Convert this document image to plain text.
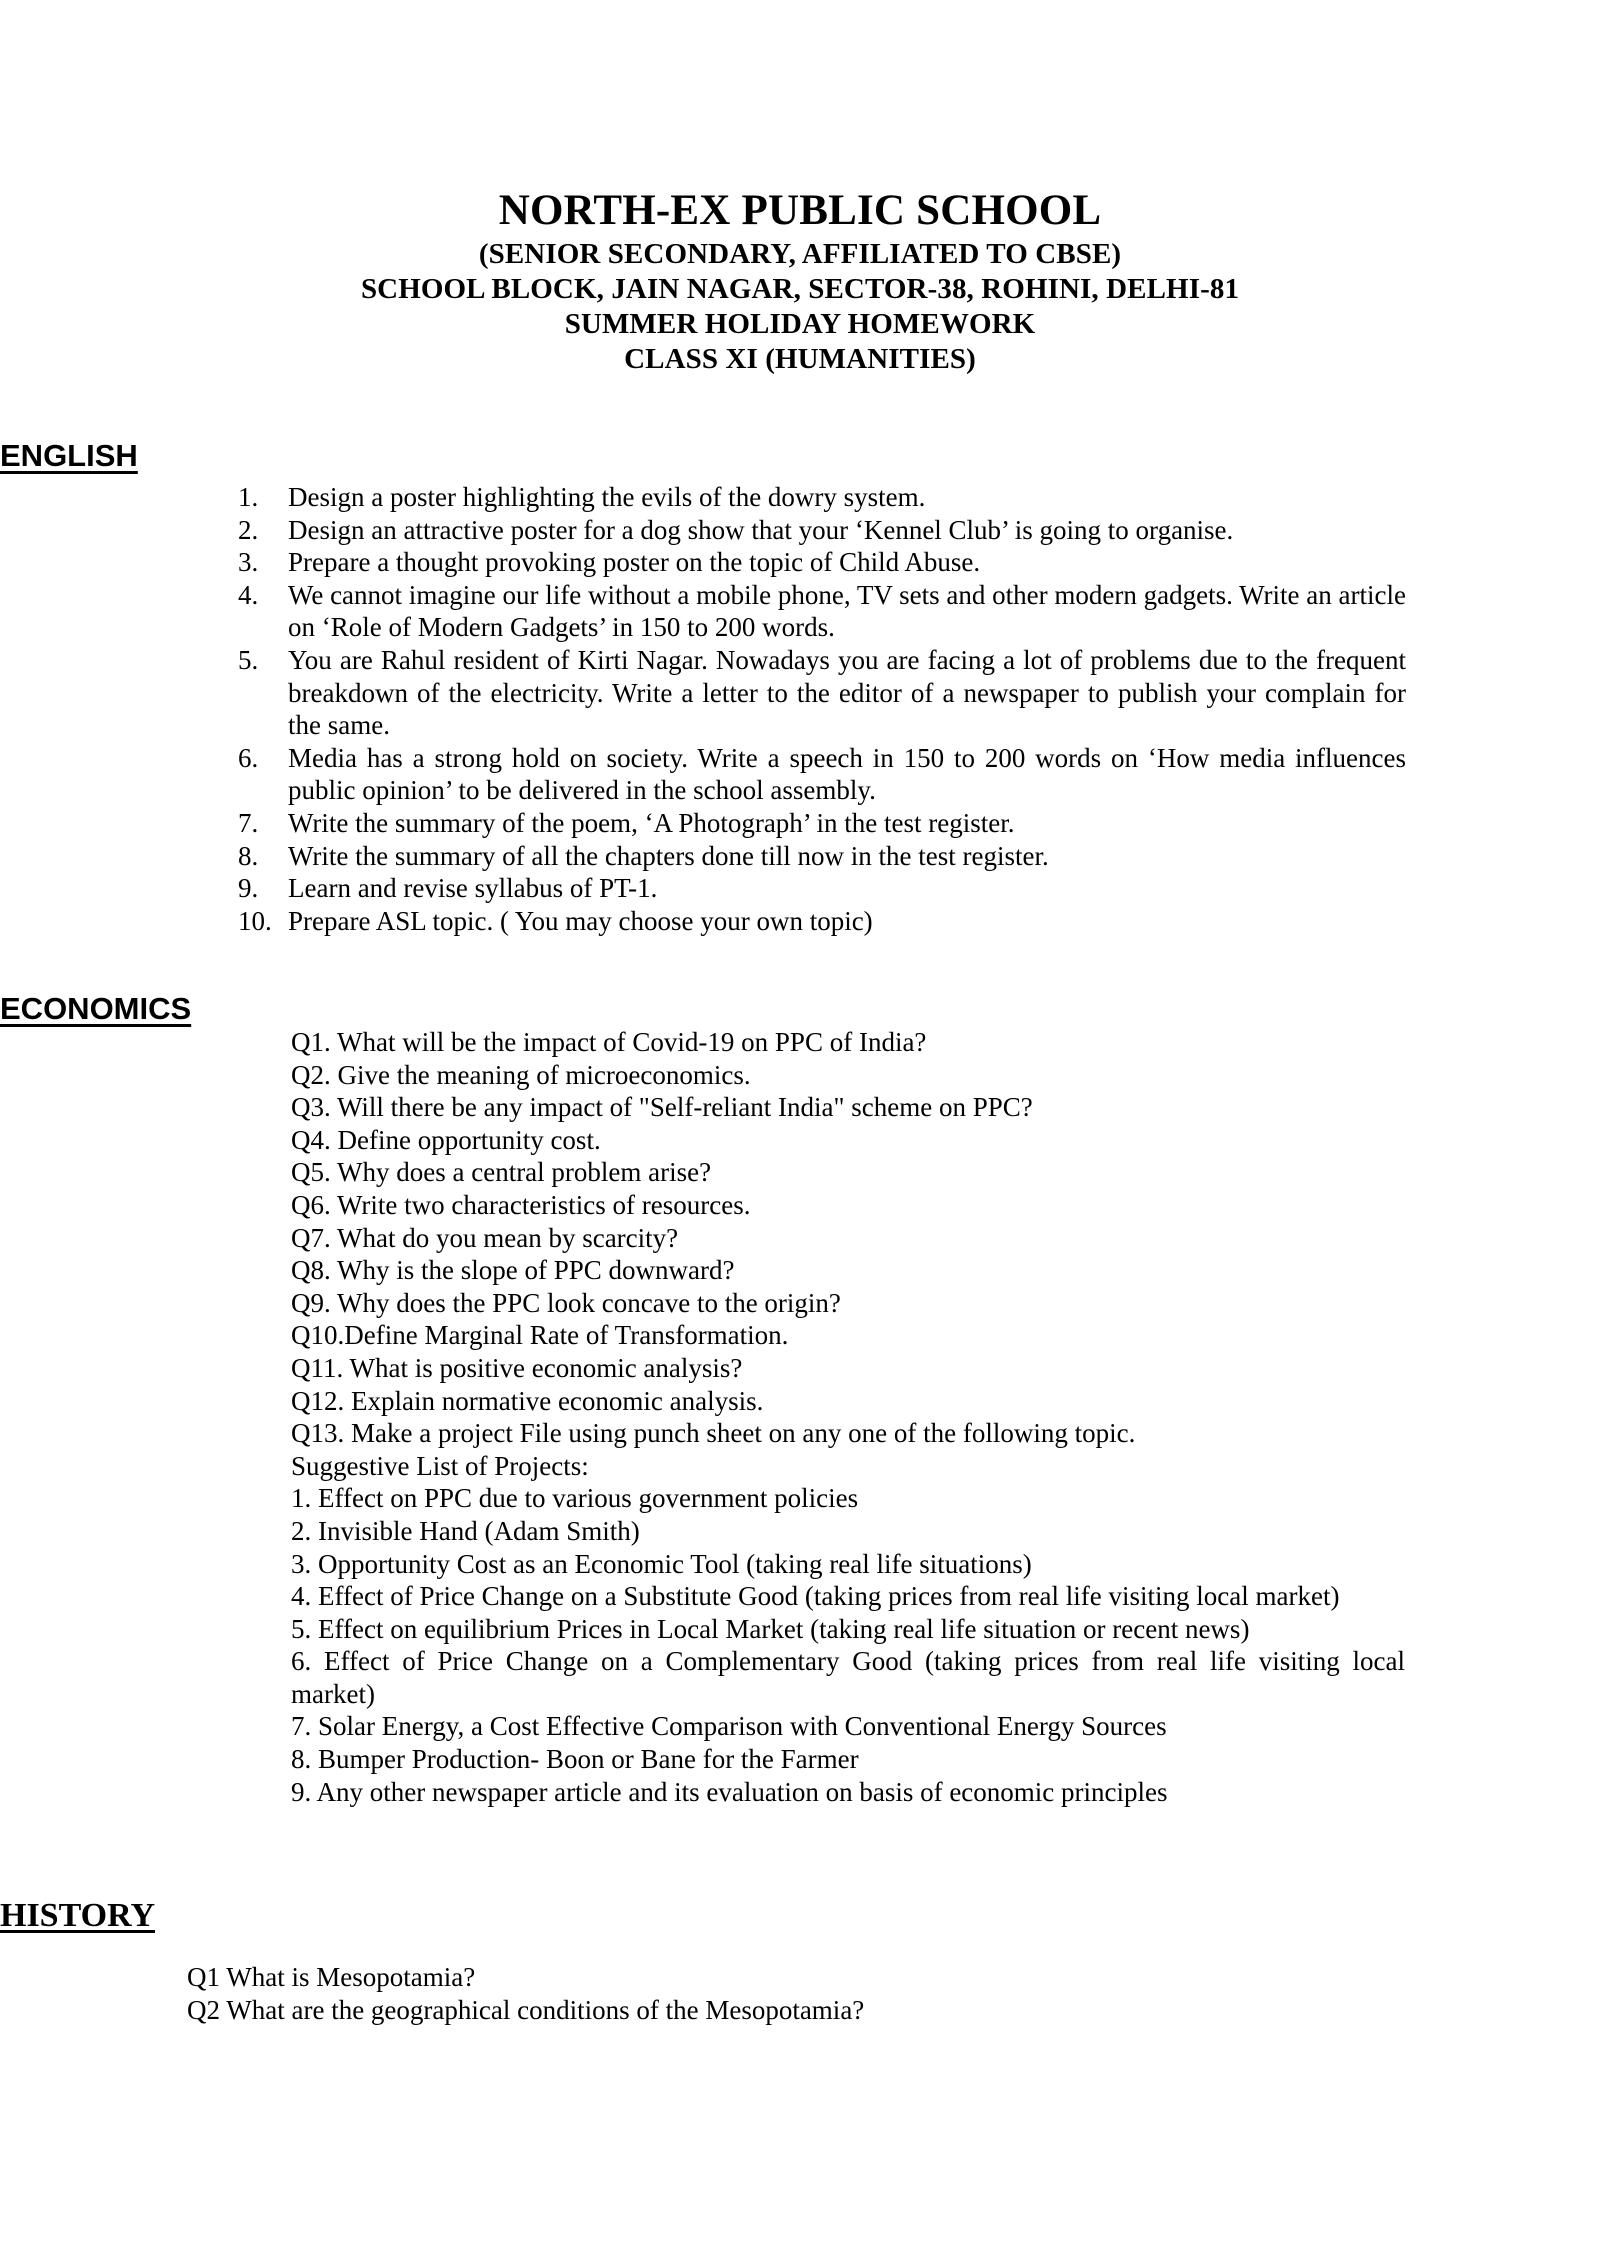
NORTH-EX PUBLIC SCHOOL
(SENIOR SECONDARY, AFFILIATED TO CBSE)
SCHOOL BLOCK, JAIN NAGAR, SECTOR-38, ROHINI, DELHI-81
SUMMER HOLIDAY HOMEWORK
CLASS XI (HUMANITIES)
ENGLISH
1.	Design a poster highlighting the evils of the dowry system.
2.	Design an attractive poster for a dog show that your ‘Kennel Club’ is going to organise.
3.	Prepare a thought provoking poster on the topic of Child Abuse.
4.	We cannot imagine our life without a mobile phone, TV sets and other modern gadgets. Write an article on ‘Role of Modern Gadgets’ in 150 to 200 words.
5.	You are Rahul resident of Kirti Nagar. Nowadays you are facing a lot of problems due to the frequent breakdown of the electricity. Write a letter to the editor of a newspaper to publish your complain for the same.
6.	Media has a strong hold on society. Write a speech in 150 to 200 words on ‘How media influences public opinion’ to be delivered in the school assembly.
7.	Write the summary of the poem, ‘A Photograph’ in the test register.
8.	Write the summary of all the chapters done till now in the test register.
9.	Learn and revise syllabus of PT-1.
10. Prepare ASL topic. ( You may choose your own topic)
ECONOMICS
Q1. What will be the impact of Covid-19 on PPC of India?
Q2. Give the meaning of microeconomics.
Q3. Will there be any impact of "Self-reliant India" scheme on PPC?
Q4. Define opportunity cost.
Q5. Why does a central problem arise?
Q6. Write two characteristics of resources.
Q7. What do you mean by scarcity?
Q8. Why is the slope of PPC downward?
Q9. Why does the PPC look concave to the origin?
Q10.Define Marginal Rate of Transformation.
Q11. What is positive economic analysis?
Q12. Explain normative economic analysis.
Q13. Make a project File using punch sheet on any one of the following topic.
Suggestive List of Projects:
1. Effect on PPC due to various government policies
2. Invisible Hand (Adam Smith)
3. Opportunity Cost as an Economic Tool (taking real life situations)
4. Effect of Price Change on a Substitute Good (taking prices from real life visiting local market)
5. Effect on equilibrium Prices in Local Market (taking real life situation or recent news)
6. Effect of Price Change on a Complementary Good (taking prices from real life visiting local market)
7. Solar Energy, a Cost Effective Comparison with Conventional Energy Sources
8. Bumper Production- Boon or Bane for the Farmer
9. Any other newspaper article and its evaluation on basis of economic principles
HISTORY
Q1 What is Mesopotamia?
Q2 What are the geographical conditions of the Mesopotamia?
